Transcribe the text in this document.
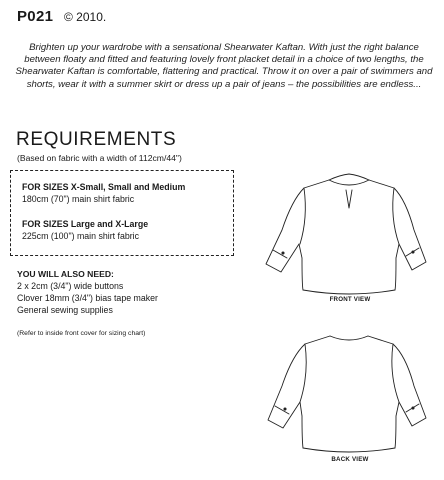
P021 © 2010.
Brighten up your wardrobe with a sensational Shearwater Kaftan. With just the right balance between floaty and fitted and featuring lovely front placket detail in a choice of two lengths, the Shearwater Kaftan is comfortable, flattering and practical. Throw it on over a pair of swimmers and shorts, wear it with a summer skirt or dress up a pair of jeans – the possibilities are endless...
REQUIREMENTS
(Based on fabric with a width of 112cm/44")
FOR SIZES X-Small, Small and Medium
180cm (70") main shirt fabric
FOR SIZES Large and X-Large
225cm (100") main shirt fabric
YOU WILL ALSO NEED:
2 x 2cm (3/4") wide buttons
Clover 18mm (3/4") bias tape maker
General sewing supplies
(Refer to inside front cover for sizing chart)
FRONT VIEW
BACK VIEW
